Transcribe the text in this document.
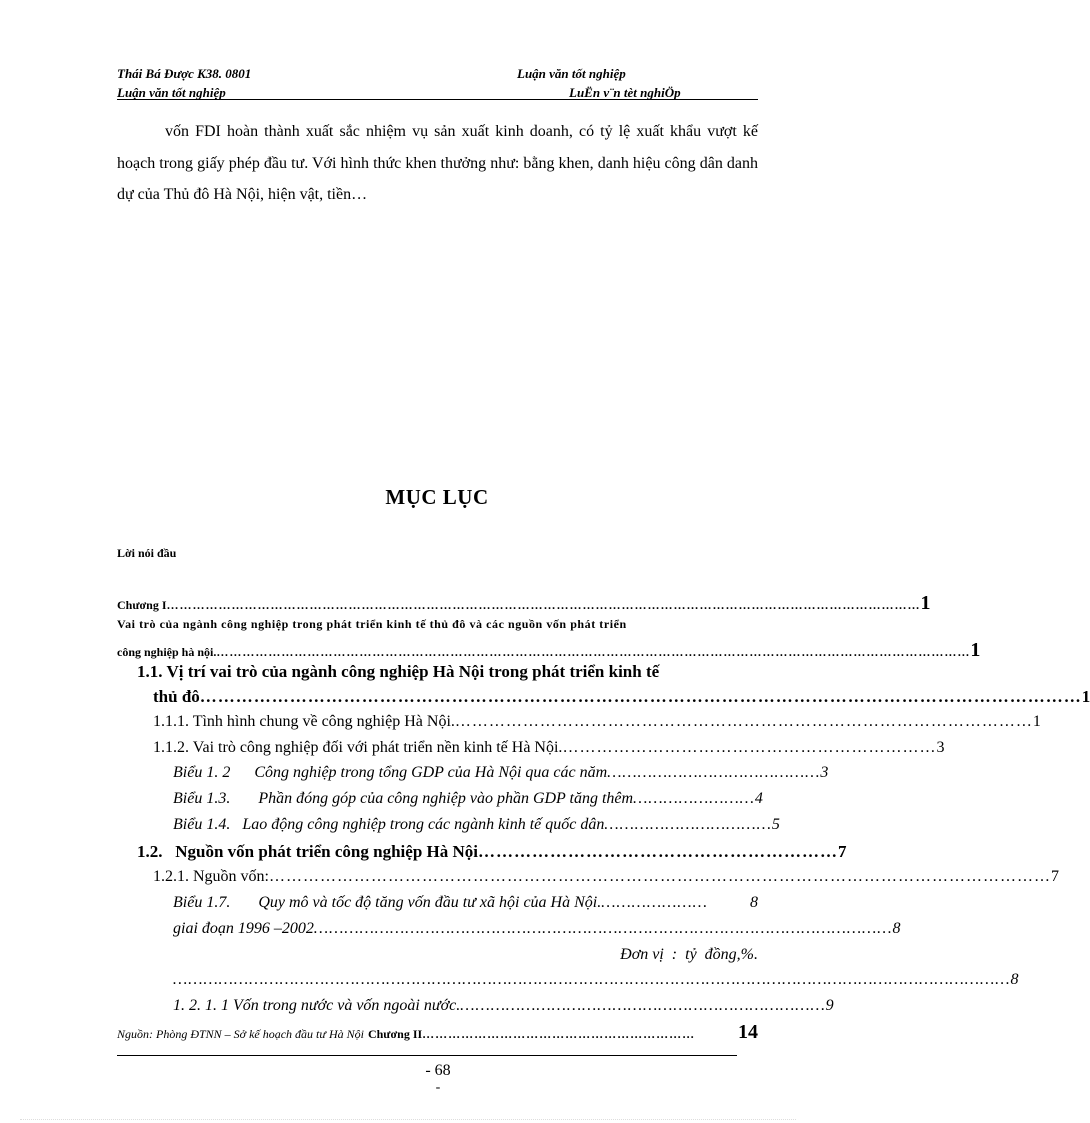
Thái Bá Được K38. 0801	Luận văn tốt nghiệp
Luận văn tốt nghiệp	LuËn v¨n tèt nghiÖp
vốn FDI hoàn thành xuất sắc nhiệm vụ sản xuất kinh doanh, có tỷ lệ xuất khẩu vượt kế hoạch trong giấy phép đầu tư. Với hình thức khen thưởng như: bằng khen, danh hiệu công dân danh dự của Thủ đô Hà Nội, hiện vật, tiền…
MỤC LỤC
Lời nói đầu
Chương I ………………………………………………………………………………………………………………………………………………………… 1
Vai trò của ngành công nghiệp trong phát triển kinh tế thủ đô và các nguồn vốn phát triển
công nghiệp hà nội. ………………………………………………………………………………………………………………………………………………………… 1
1.1. Vị trí vai trò của ngành công nghiệp Hà Nội trong phát triển kinh tế
thủ đô ………………………………………………………………………………………………………………………………… 1
1.1.1. Tình hình chung về công nghiệp Hà Nội. ………………………………………………………………………………………… 1
1.1.2. Vai trò công nghiệp đối với phát triển nền kinh tế Hà Nội. ………………………………………………………… 3
Biểu 1. 2      Công nghiệp trong tổng GDP của Hà Nội qua các năm …………………………………… 3
Biểu 1.3.       Phần đóng góp của công nghiệp vào phần GDP tăng thêm …………………… 4
Biểu 1.4.   Lao động công nghiệp trong các ngành kinh tế quốc dân …………………………… 5
1.2.   Nguồn vốn phát triển công nghiệp Hà Nội …………………………………………………… 7
1.2.1. Nguồn vốn: ………………………………………………………………………………………………………………………… 7
Biểu 1.7.       Quy mô và tốc độ tăng vốn đầu tư xã hội của Hà Nội. …………………	8
giai đoạn 1996 –2002 …………………………………………………………………………………………………… 8
Đơn vị  :  tỷ  đồng,%.
………………………………………………………………………………………………………………………………………………… 8
1. 2. 1. 1 Vốn trong nước và vốn ngoài nước. ……………………………………………………………… 9
Nguồn: Phòng ĐTNN – Sở kế hoạch đầu tư Hà Nội Chương II ………………………………………………………	14
- 68
-
